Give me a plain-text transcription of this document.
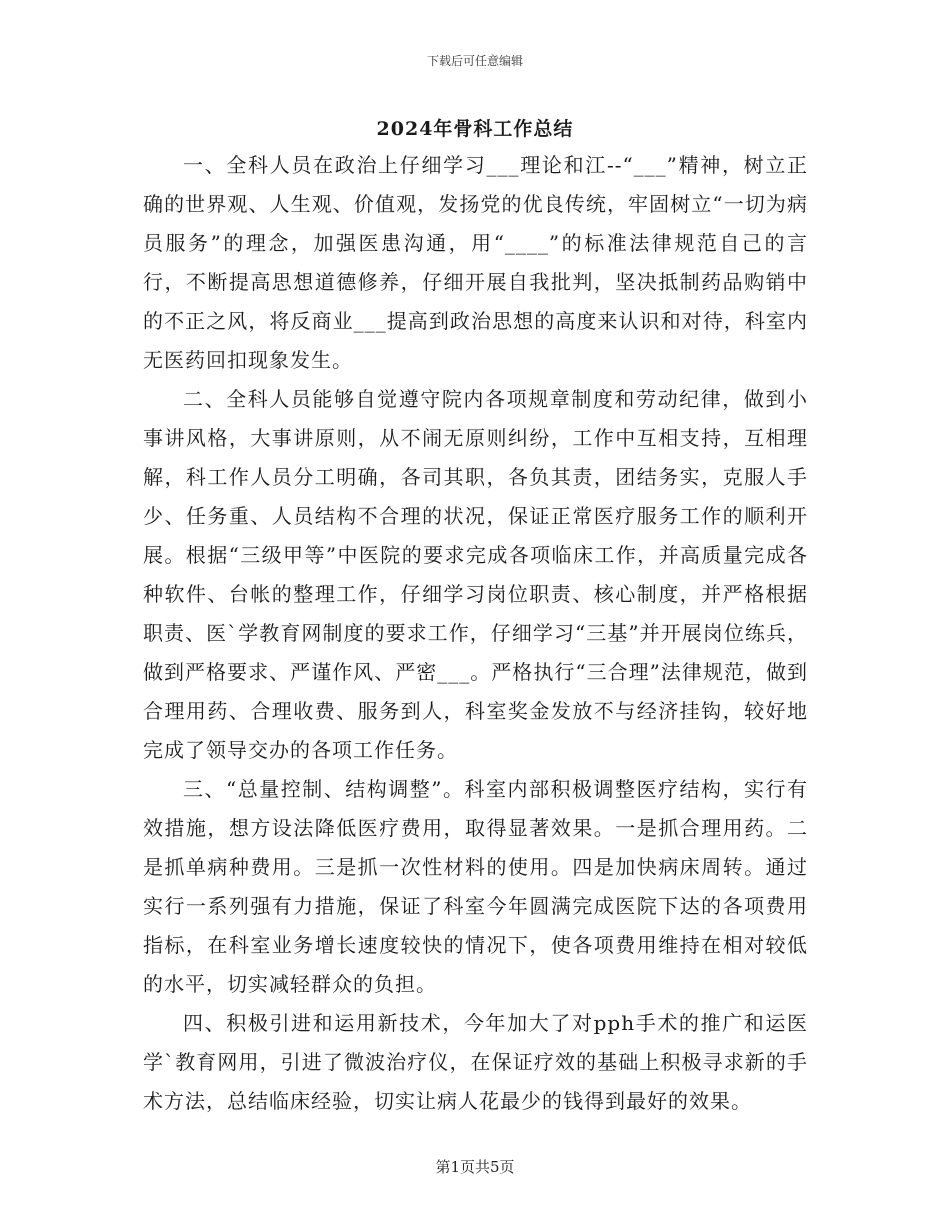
下载后可任意编辑
2024年骨科工作总结

一、全科人员在政治上仔细学习___理论和江--“___”精神，树立正确的世界观、人生观、价值观，发扬党的优良传统，牢固树立“一切为病员服务”的理念，加强医患沟通，用“____”的标准法律规范自己的言行，不断提高思想道德修养，仔细开展自我批判，坚决抵制药品购销中的不正之风，将反商业___提高到政治思想的高度来认识和对待，科室内无医药回扣现象发生。

二、全科人员能够自觉遵守院内各项规章制度和劳动纪律，做到小事讲风格，大事讲原则，从不闹无原则纠纷，工作中互相支持，互相理解，科工作人员分工明确，各司其职，各负其责，团结务实，克服人手少、任务重、人员结构不合理的状况，保证正常医疗服务工作的顺利开展。根据“三级甲等”中医院的要求完成各项临床工作，并高质量完成各种软件、台帐的整理工作，仔细学习岗位职责、核心制度，并严格根据职责、医`学教育网制度的要求工作，仔细学习“三基”并开展岗位练兵，做到严格要求、严谨作风、严密___。严格执行“三合理”法律规范，做到合理用药、合理收费、服务到人，科室奖金发放不与经济挂钩，较好地完成了领导交办的各项工作任务。

三、“总量控制、结构调整”。科室内部积极调整医疗结构，实行有效措施，想方设法降低医疗费用，取得显著效果。一是抓合理用药。二是抓单病种费用。三是抓一次性材料的使用。四是加快病床周转。通过实行一系列强有力措施，保证了科室今年圆满完成医院下达的各项费用指标，在科室业务增长速度较快的情况下，使各项费用维持在相对较低的水平，切实减轻群众的负担。

四、积极引进和运用新技术，今年加大了对pph手术的推广和运医学`教育网用，引进了微波治疗仪，在保证疗效的基础上积极寻求新的手术方法，总结临床经验，切实让病人花最少的钱得到最好的效果。

第1页共5页
